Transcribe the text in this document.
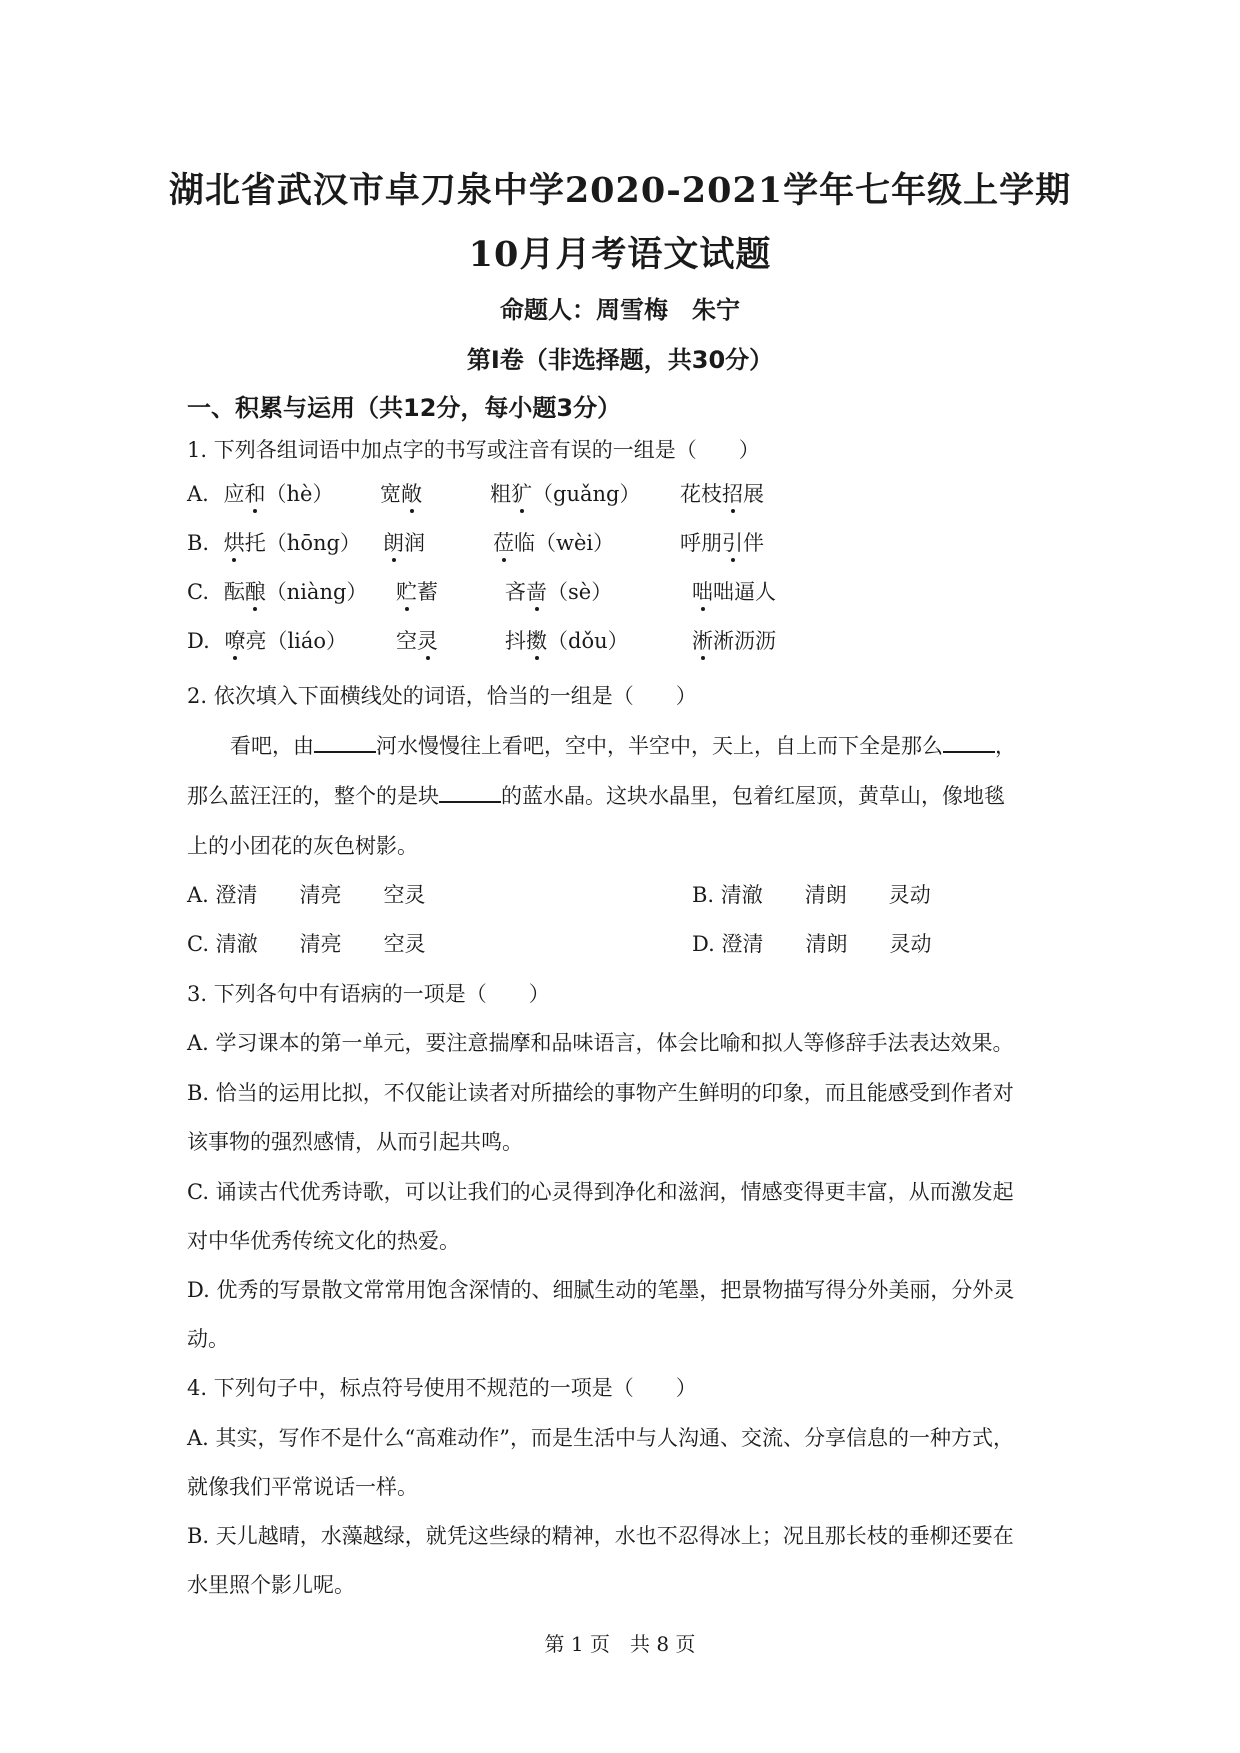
湖北省武汉市卓刀泉中学2020-2021学年七年级上学期
10月月考语文试题
命题人：周雪梅　朱宁
第Ⅰ卷（非选择题，共30分）
一、积累与运用（共12分，每小题3分）
1. 下列各组词语中加点字的书写或注音有误的一组是（　　）
A. 应和（hè） 宽敞	粗犷（guǎng） 花枝招展
B. 烘托（hōng） 朗润	莅临（wèi）	呼朋引伴
C. 酝酿（niàng） 贮蓄	吝啬（sè）	咄咄逼人
D. 嘹亮（liáo） 空灵	抖擞（dǒu）	淅淅沥沥
2. 依次填入下面横线处的词语，恰当的一组是（　　）
看吧，由	河水慢慢往上看吧，空中，半空中，天上，自上而下全是那么 ，
那么蓝汪汪的，整个的是块	的蓝水晶。这块水晶里，包着红屋顶，黄草山，像地毯
上的小团花的灰色树影。
A. 澄清　　清亮　　空灵	B. 清澈　　清朗　　灵动
C. 清澈　　清亮　　空灵	D. 澄清　　清朗　　灵动
3. 下列各句中有语病的一项是（　　）
A. 学习课本的第一单元，要注意揣摩和品味语言，体会比喻和拟人等修辞手法表达效果。
B. 恰当的运用比拟，不仅能让读者对所描绘的事物产生鲜明的印象，而且能感受到作者对
该事物的强烈感情，从而引起共鸣。
C. 诵读古代优秀诗歌，可以让我们的心灵得到净化和滋润，情感变得更丰富，从而激发起
对中华优秀传统文化的热爱。
D. 优秀的写景散文常常用饱含深情的、细腻生动的笔墨，把景物描写得分外美丽，分外灵
动。
4. 下列句子中，标点符号使用不规范的一项是（　　）
A. 其实，写作不是什么“高难动作”，而是生活中与人沟通、交流、分享信息的一种方式，
就像我们平常说话一样。
B. 天儿越晴，水藻越绿，就凭这些绿的精神，水也不忍得冰上；况且那长枝的垂柳还要在
水里照个影儿呢。
第 1 页　共 8 页
